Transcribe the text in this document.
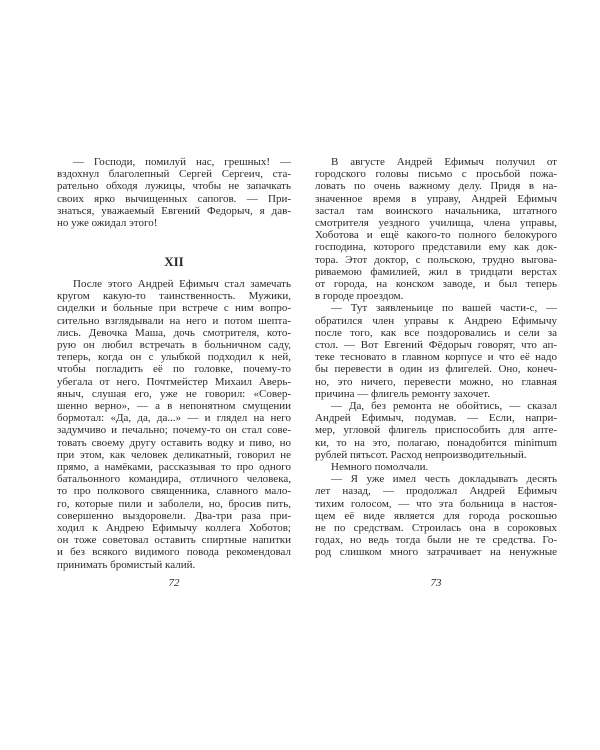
XII
72
— Господи, помилуй нас, грешных! —
вздохнул благолепный Сергей Сергеич, ста-
рательно обходя лужицы, чтобы не запачкать
своих ярко вычищенных сапогов. — При-
знаться, уважаемый Евгений Федорыч, я дав-
но уже ожидал этого!
После этого Андрей Ефимыч стал замечать
кругом какую-то таинственность. Мужики,
сиделки и больные при встрече с ним вопро-
сительно взглядывали на него и потом шепта-
лись. Девочка Маша, дочь смотрителя, кото-
рую он любил встречать в больничном саду,
теперь, когда он с улыбкой подходил к ней,
чтобы погладить её по головке, почему-то
убегала от него. Почтмейстер Михаил Аверь-
яныч, слушая его, уже не говорил: «Совер-
шенно верно», — а в непонятном смущении
бормотал: «Да, да, да...» — и глядел на него
задумчиво и печально; почему-то он стал сове-
товать своему другу оставить водку и пиво, но
при этом, как человек деликатный, говорил не
прямо, а намёками, рассказывая то про одного
батальонного командира, отличного человека,
то про полкового священника, славного мало-
го, которые пили и заболели, но, бросив пить,
совершенно выздоровели. Два-три раза при-
ходил к Андрею Ефимычу коллега Хоботов;
он тоже советовал оставить спиртные напитки
и без всякого видимого повода рекомендовал
принимать бромистый калий.
73
В августе Андрей Ефимыч получил от
городского головы письмо с просьбой пожа-
ловать по очень важному делу. Придя в на-
значенное время в управу, Андрей Ефимыч
застал там воинского начальника, штатного
смотрителя уездного училища, члена управы,
Хоботова и ещё какого-то полного белокурого
господина, которого представили ему как док-
тора. Этот доктор, с польскою, трудно выгова-
риваемою фамилией, жил в тридцати верстах
от города, на конском заводе, и был теперь
в городе проездом.
— Тут заявленьице по вашей части-с, —
обратился член управы к Андрею Ефимычу
после того, как все поздоровались и сели за
стол. — Вот Евгений Фёдорыч говорят, что ап-
теке тесновато в главном корпусе и что её надо
бы перевести в один из флигелей. Оно, конеч-
но, это ничего, перевести можно, но главная
причина — флигель ремонту захочет.
— Да, без ремонта не обойтись, — сказал
Андрей Ефимыч, подумав. — Если, напри-
мер, угловой флигель приспособить для апте-
ки, то на это, полагаю, понадобится minimum
рублей пятьсот. Расход непроизводительный.
Немного помолчали.
— Я уже имел честь докладывать десять
лет назад, — продолжал Андрей Ефимыч
тихим голосом, — что эта больница в настоя-
щем её виде является для города роскошью
не по средствам. Строилась она в сороковых
годах, но ведь тогда были не те средства. Го-
род слишком много затрачивает на ненужные
